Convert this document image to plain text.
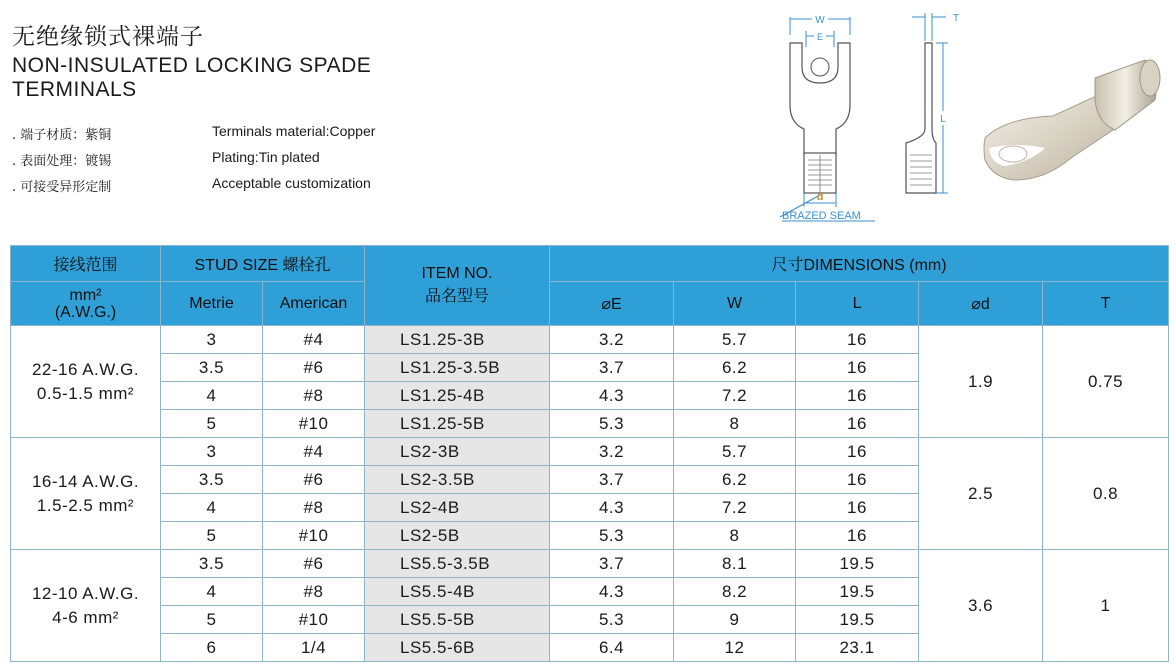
无绝缘锁式裸端子
NON-INSULATED LOCKING SPADE
TERMINALS
. 端子材质：紫铜
. 表面处理：镀锡
. 可接受异形定制
Terminals material:Copper
Plating:Tin plated
Acceptable customization
W
E
d
BRAZED SEAM
T
L
接线范围	STUD SIZE 螺栓孔		ITEM NO.
品名型号	尺寸DIMENSIONS (mm)				

mm²
(A.W.G.)	Metrie	American		⌀E	W	L	⌀d	T

22-16 A.W.G.
0.5-1.5 mm²	3	#4	LS1.25-3B	3.2	5.7	16	1.9	0.75
	3.5	#6	LS1.25-3.5B	3.7	6.2	16		
	4	#8	LS1.25-4B	4.3	7.2	16		
	5	#10	LS1.25-5B	5.3	8	16		

16-14 A.W.G.
1.5-2.5 mm²	3	#4	LS2-3B	3.2	5.7	16	2.5	0.8
	3.5	#6	LS2-3.5B	3.7	6.2	16		
	4	#8	LS2-4B	4.3	7.2	16		
	5	#10	LS2-5B	5.3	8	16		

12-10 A.W.G.
4-6 mm²	3.5	#6	LS5.5-3.5B	3.7	8.1	19.5	3.6	1
	4	#8	LS5.5-4B	4.3	8.2	19.5		
	5	#10	LS5.5-5B	5.3	9	19.5		
	6	1/4	LS5.5-6B	6.4	12	23.1		
